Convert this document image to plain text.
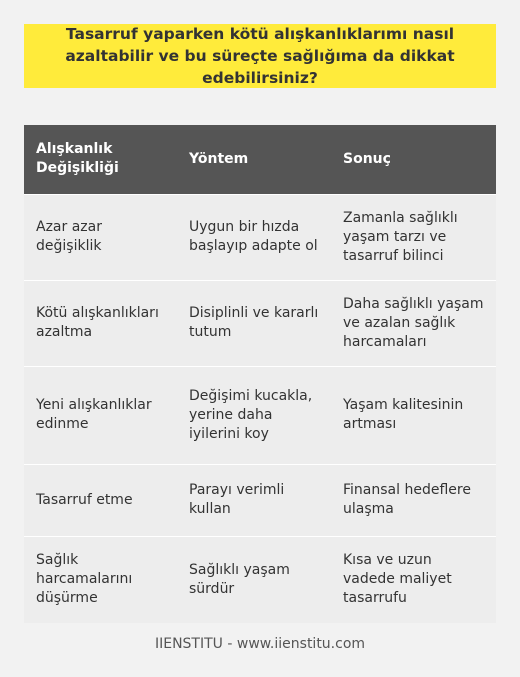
Tasarruf yaparken kötü alışkanlıklarımı nasıl azaltabilir ve bu süreçte sağlığıma da dikkat edebilirsiniz?
Alışkanlık Değişikliği	Yöntem	Sonuç
Azar azar değişiklik	Uygun bir hızda başlayıp adapte ol	Zamanla sağlıklı yaşam tarzı ve tasarruf bilinci
Kötü alışkanlıkları azaltma	Disiplinli ve kararlı tutum	Daha sağlıklı yaşam ve azalan sağlık harcamaları
Yeni alışkanlıklar edinme	Değişimi kucakla, yerine daha iyilerini koy	Yaşam kalitesinin artması
Tasarruf etme	Parayı verimli kullan	Finansal hedeflere ulaşma
Sağlık harcamalarını düşürme	Sağlıklı yaşam sürdür	Kısa ve uzun vadede maliyet tasarrufu
IIENSTITU - www.iienstitu.com
